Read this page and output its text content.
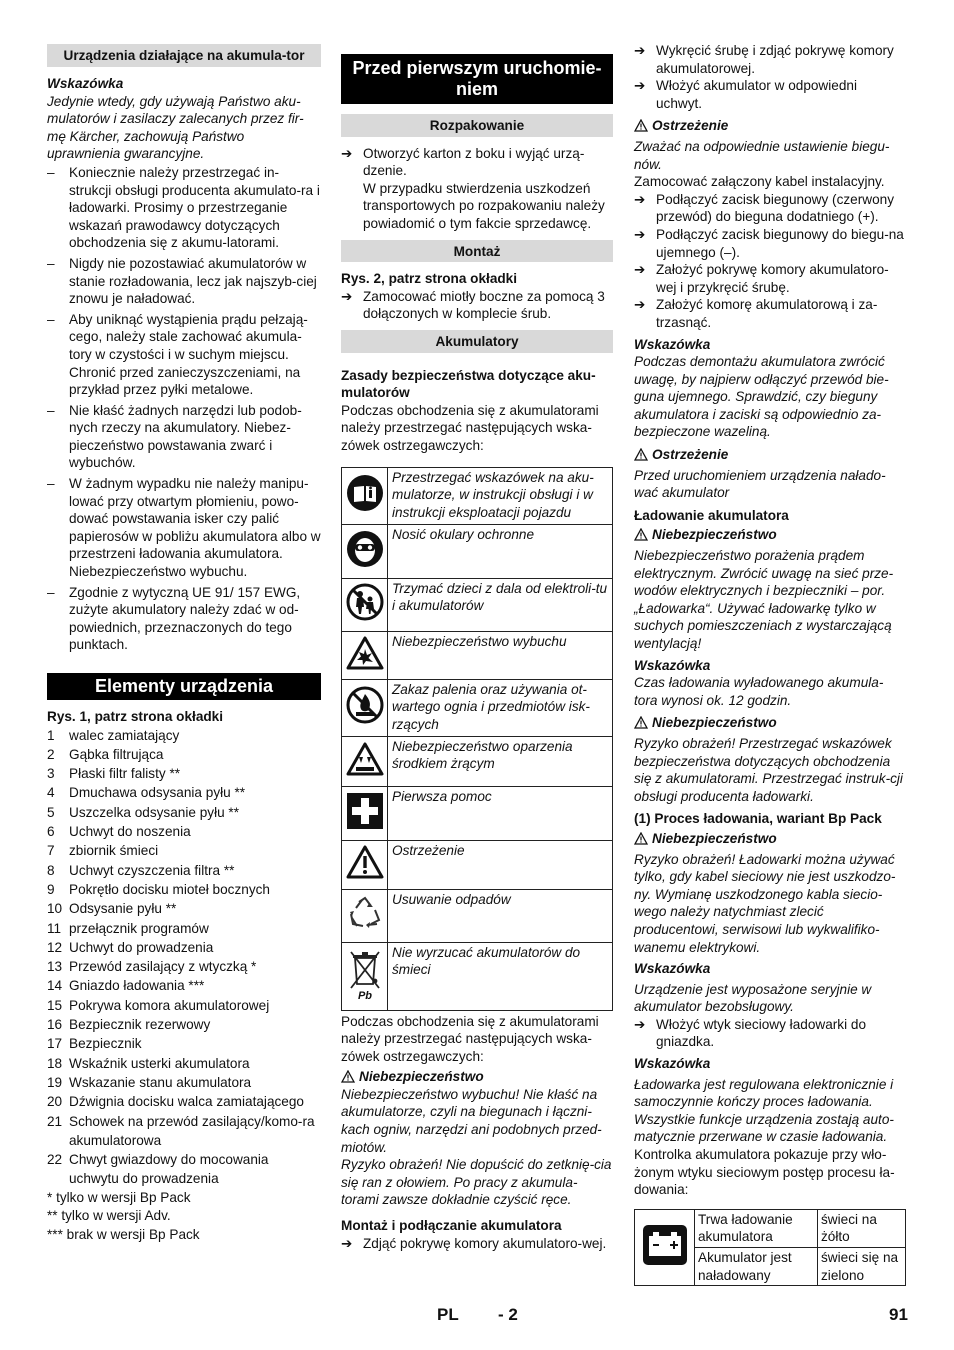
Urządzenia działające na akumula-tor
Wskazówka
Jedynie wtedy, gdy używają Państwo aku-mulatorów i zasilaczy zalecanych przez fir-mę Kärcher, zachowują Państwo uprawnienia gwarancyjne.
– Koniecznie należy przestrzegać in-strukcji obsługi producenta akumulato-ra i ładowarki. Prosimy o przestrzeganie wskazań prawodawcy dotyczących obchodzenia się z akumu-latorami.
– Nigdy nie pozostawiać akumulatorów w stanie rozładowania, lecz jak najszyb-ciej znowu je naładować.
– Aby uniknąć wystąpienia prądu pełzają-cego, należy stale zachować akumula-tory w czystości i w suchym miejscu. Chronić przed zanieczyszczeniami, na przykład przez pyłki metalowe.
– Nie kłaść żadnych narzędzi lub podob-nych rzeczy na akumulatory. Niebez-pieczeństwo powstawania zwarć i wybuchów.
– W żadnym wypadku nie należy manipu-lować przy otwartym płomieniu, powo-dować powstawania isker czy palić papierosów w pobliżu akumulatora albo w przestrzeni ładowania akumulatora. Niebezpieczeństwo wybuchu.
– Zgodnie z wytyczną UE 91/ 157 EWG, zużyte akumulatory należy zdać w od-powiednich, przeznaczonych do tego punktach.
Elementy urządzenia
Rys. 1, patrz strona okładki
1 walec zamiatający
2 Gąbka filtrująca
3 Płaski filtr falisty **
4 Dmuchawa odsysania pyłu **
5 Uszczelka odsysanie pyłu **
6 Uchwyt do noszenia
7 zbiornik śmieci
8 Uchwyt czyszczenia filtra **
9 Pokrętło docisku mioteł bocznych
10 Odsysanie pyłu **
11 przełącznik programów
12 Uchwyt do prowadzenia
13 Przewód zasilający z wtyczką *
14 Gniazdo ładowania ***
15 Pokrywa komora akumulatorowej
16 Bezpiecznik rezerwowy
17 Bezpiecznik
18 Wskaźnik usterki akumulatora
19 Wskazanie stanu akumulatora
20 Dźwignia docisku walca zamiatającego
21 Schowek na przewód zasilający/komo-ra akumulatorowa
22 Chwyt gwiazdowy do mocowania uchwytu do prowadzenia
* tylko w wersji Bp Pack
** tylko w wersji Adv.
*** brak w wersji Bp Pack
Przed pierwszym uruchomie-niem
Rozpakowanie
➔ Otworzyć karton z boku i wyjąć urzą-dzenie.
W przypadku stwierdzenia uszkodzeń transportowych po rozpakowaniu należy powiadomić o tym fakcie sprzedawcę.
Montaż
Rys. 2, patrz strona okładki
➔ Zamocować miotły boczne za pomocą 3 dołączonych w komplecie śrub.
Akumulatory
Zasady bezpieczeństwa dotyczące aku-mulatorów
Podczas obchodzenia się z akumulatorami należy przestrzegać następujących wska-zówek ostrzegawczych:
	Przestrzegać wskazówek na aku-mulatorze, w instrukcji obsługi i w instrukcji eksploatacji pojazdu
	Nosić okulary ochronne
	Trzymać dzieci z dala od elektroli-tu i akumulatorów
	Niebezpieczeństwo wybuchu
	Zakaz palenia oraz używania ot-wartego ognia i przedmiotów isk-rzących
	Niebezpieczeństwo oparzenia środkiem żrącym
	Pierwsza pomoc
	Ostrzeżenie
	Usuwanie odpadów

Pb	Nie wyrzucać akumulatorów do śmieci
Podczas obchodzenia się z akumulatorami należy przestrzegać następujących wska-zówek ostrzegawczych:
Niebezpieczeństwo
Niebezpieczeństwo wybuchu! Nie kłaść na akumulatorze, czyli na biegunach i łączni-kach ogniw, narzędzi ani podobnych przed-miotów.
Ryzyko obrażeń! Nie dopuścić do zetknię-cia się ran z ołowiem. Po pracy z akumula-torami zawsze dokładnie czyścić ręce.
Montaż i podłączanie akumulatora
➔ Zdjąć pokrywę komory akumulatoro-wej.
➔ Wykręcić śrubę i zdjąć pokrywę komory akumulatorowej.
➔ Włożyć akumulator w odpowiedni uchwyt.
Ostrzeżenie
Zważać na odpowiednie ustawienie biegu-nów.
Zamocować załączony kabel instalacyjny.
➔ Podłączyć zacisk biegunowy (czerwony przewód) do bieguna dodatniego (+).
➔ Podłączyć zacisk biegunowy do biegu-na ujemnego (–).
➔ Założyć pokrywę komory akumulatoro-wej i przykręcić śrubę.
➔ Założyć komorę akumulatorową i za-trzasnąć.
Wskazówka
Podczas demontażu akumulatora zwrócić uwagę, by najpierw odłączyć przewód bie-guna ujemnego. Sprawdzić, czy bieguny akumulatora i zaciski są odpowiednio za-bezpieczone wazeliną.
Ostrzeżenie
Przed uruchomieniem urządzenia nałado-wać akumulator
Ładowanie akumulatora
Niebezpieczeństwo
Niebezpieczeństwo porażenia prądem elektrycznym. Zwrócić uwagę na sieć prze-wodów elektrycznych i bezpieczniki – por. „Ładowarka“. Używać ładowarkę tylko w suchych pomieszczeniach z wystarczającą wentylacją!
Wskazówka
Czas ładowania wyładowanego akumula-tora wynosi ok. 12 godzin.
Niebezpieczeństwo
Ryzyko obrażeń! Przestrzegać wskazówek bezpieczeństwa dotyczących obchodzenia się z akumulatorami. Przestrzegać instruk-cji obsługi producenta ładowarki.
(1) Proces ładowania, wariant Bp Pack
Niebezpieczeństwo
Ryzyko obrażeń! Ładowarki można używać tylko, gdy kabel sieciowy nie jest uszkodzo-ny. Wymianę uszkodzonego kabla siecio-wego należy natychmiast zlecić producentowi, serwisowi lub wykwalifiko-wanemu elektrykowi.
Wskazówka
Urządzenie jest wyposażone seryjnie w akumulator bezobsługowy.
➔ Włożyć wtyk sieciowy ładowarki do gniazdka.
Wskazówka
Ładowarka jest regulowana elektronicznie i samoczynnie kończy proces ładowania. Wszystkie funkcje urządzenia zostają auto-matycznie przerwane w czasie ładowania.
Kontrolka akumulatora pokazuje przy wło-żonym wtyku sieciowym postęp procesu ła-dowania:
	Trwa ładowanie akumulatora	świeci na żółto
	Akumulator jest naładowany	świeci się na zielono
PL - 2	91
